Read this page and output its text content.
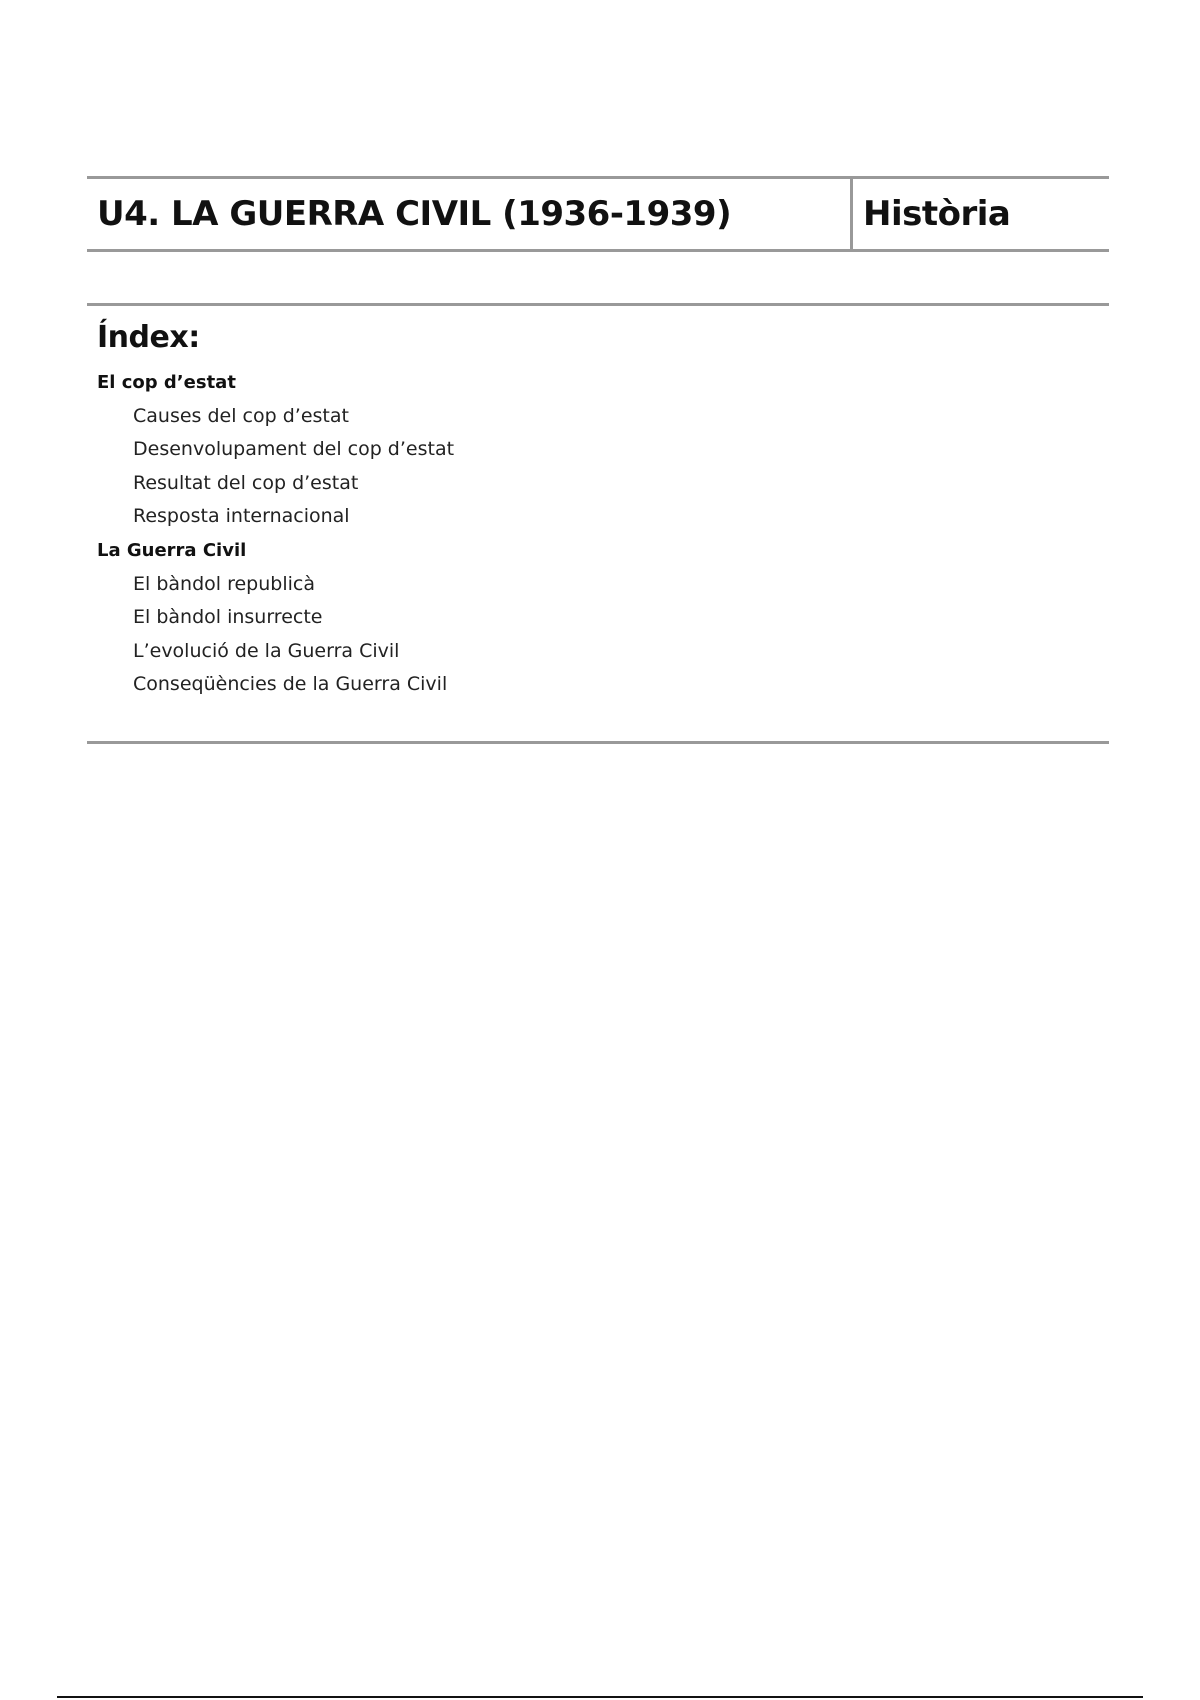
U4. LA GUERRA CIVIL (1936-1939)	Història
Índex:
El cop d’estat
Causes del cop d’estat
Desenvolupament del cop d’estat
Resultat del cop d’estat
Resposta internacional
La Guerra Civil
El bàndol republicà
El bàndol insurrecte
L’evolució de la Guerra Civil
Conseqüències de la Guerra Civil
